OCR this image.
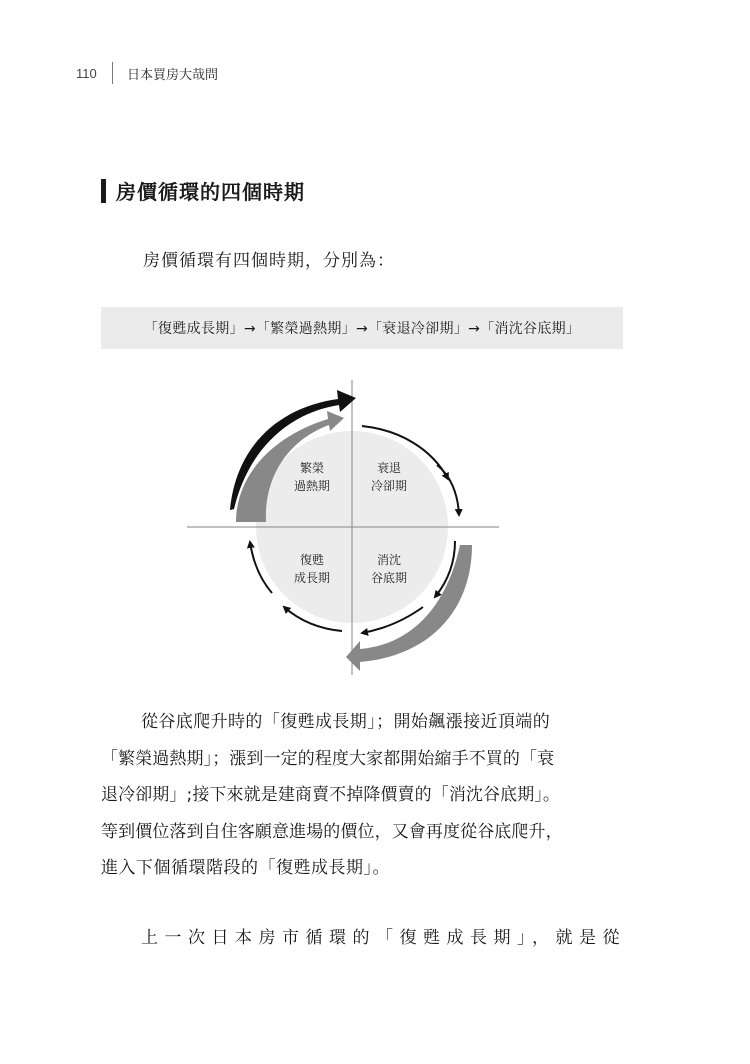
110	日本買房大哉問
房價循環的四個時期
房價循環有四個時期，分別為：
「復甦成長期」→「繁榮過熱期」→「衰退冷卻期」→「消沈谷底期」
繁榮
過熱期
衰退
冷卻期
復甦
成長期
消沈
谷底期
從谷底爬升時的「復甦成長期」；開始飆漲接近頂端的
「繁榮過熱期」；漲到一定的程度大家都開始縮手不買的「衰
退冷卻期」;接下來就是建商賣不掉降價賣的「消沈谷底期」。
等到價位落到自住客願意進場的價位，又會再度從谷底爬升，
進入下個循環階段的「復甦成長期」。
上一次日本房市循環的「復甦成長期」，就是從
